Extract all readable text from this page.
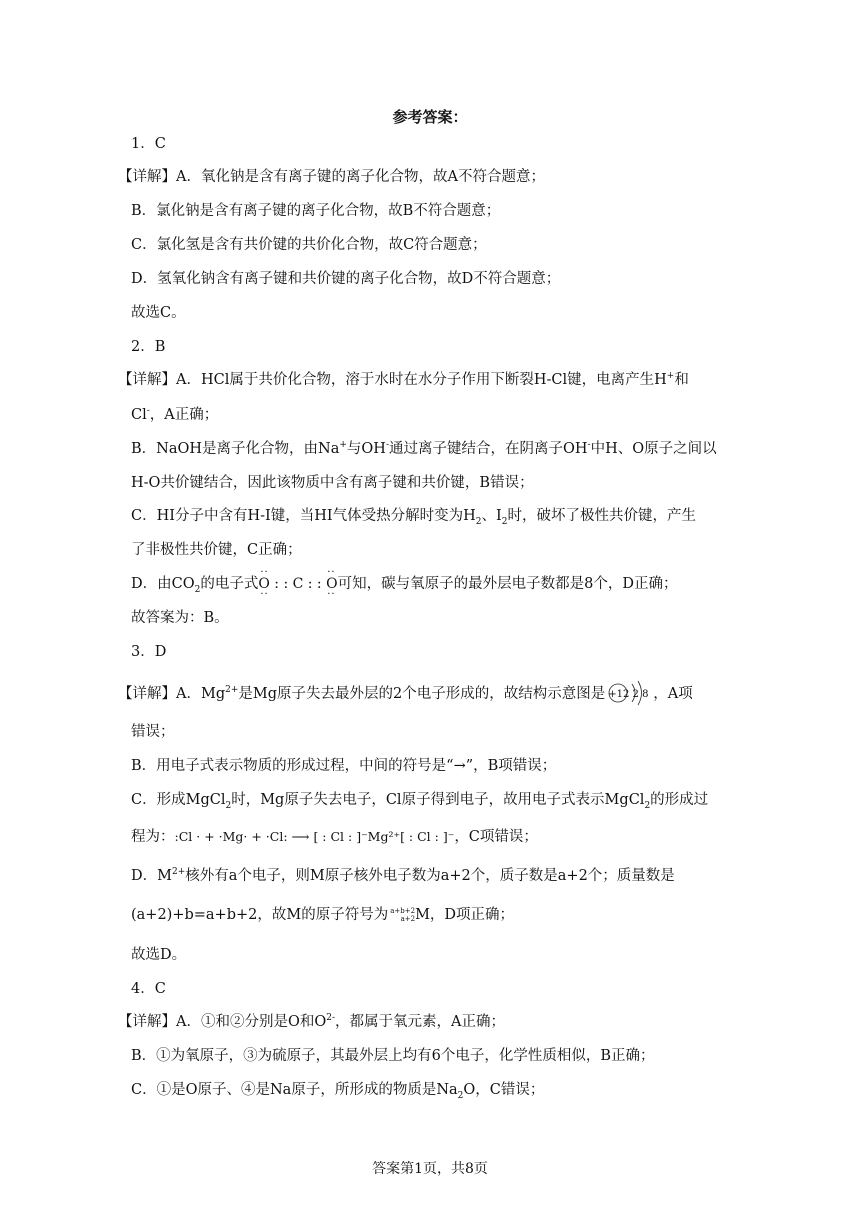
参考答案：
1．C
【详解】A．氧化钠是含有离子键的离子化合物，故A不符合题意；
B．氯化钠是含有离子键的离子化合物，故B不符合题意；
C．氯化氢是含有共价键的共价化合物，故C符合题意；
D．氢氧化钠含有离子键和共价键的离子化合物，故D不符合题意；
故选C。
2．B
【详解】A．HCl属于共价化合物，溶于水时在水分子作用下断裂H-Cl键，电离产生H+和
Cl-，A正确；
B．NaOH是离子化合物，由Na+与OH-通过离子键结合，在阴离子OH-中H、O原子之间以
H-O共价键结合，因此该物质中含有离子键和共价键，B错误；
C．HI分子中含有H-I键，当HI气体受热分解时变为$H_2$、$I_2$时，破坏了极性共价键，产生
了非极性共价键，C正确；
D．由$CO_2$的电子式
··              ··
O : : C : : O
··              ··
可知，碳与氧原子的最外层电子数都是8个，D正确；
故答案为：B。
3．D
【详解】A．$Mg^{2+}$是Mg原子失去最外层的2个电子形成的，故结构示意图是 +12 2 8 ，A项
错误；
B．用电子式表示物质的形成过程，中间的符号是“→”，B项错误；
C．形成MgCl$_2$时，Mg原子失去电子，Cl原子得到电子，故用电子式表示MgCl$_2$的形成过
程为：:Cl · + ·Mg· + ·Cl: ⟶ [ : Cl : ]⁻Mg²⁺[ : Cl : ]⁻，C项错误；
D．$M^{2+}$核外有a个电子，则M原子核外电子数为a+2个，质子数是a+2个；质量数是
(a+2)+b=a+b+2，故M的原子符号为 a+b+2
a+2M，D项正确；
故选D。
4．C
【详解】A．①和②分别是O和$O^{2-}$，都属于氧元素，A正确；
B．①为氧原子，③为硫原子，其最外层上均有6个电子，化学性质相似，B正确；
C．①是O原子、④是Na原子，所形成的物质是$Na_2O$，C错误；
答案第1页，共8页
